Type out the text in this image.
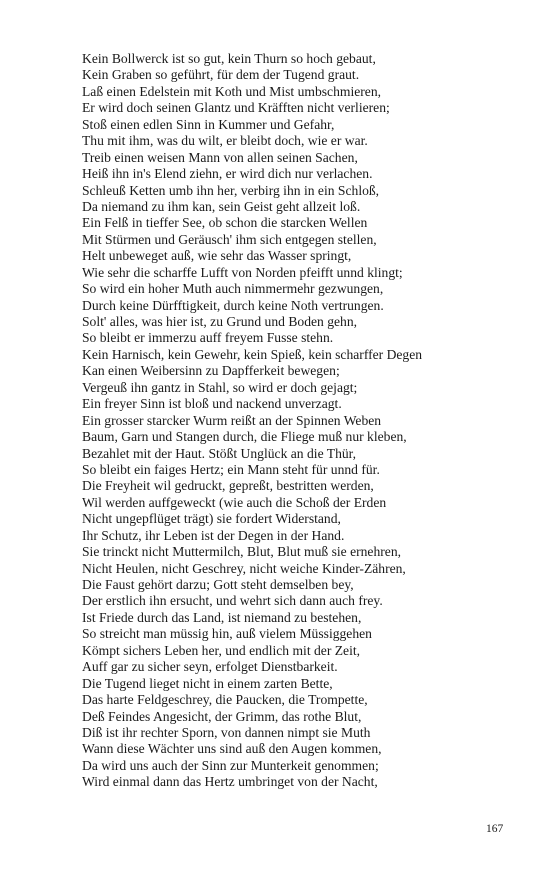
Kein Bollwerck ist so gut, kein Thurn so hoch gebaut,
Kein Graben so geführt, für dem der Tugend graut.
Laß einen Edelstein mit Koth und Mist umbschmieren,
Er wird doch seinen Glantz und Kräfften nicht verlieren;
Stoß einen edlen Sinn in Kummer und Gefahr,
Thu mit ihm, was du wilt, er bleibt doch, wie er war.
Treib einen weisen Mann von allen seinen Sachen,
Heiß ihn in's Elend ziehn, er wird dich nur verlachen.
Schleuß Ketten umb ihn her, verbirg ihn in ein Schloß,
Da niemand zu ihm kan, sein Geist geht allzeit loß.
Ein Felß in tieffer See, ob schon die starcken Wellen
Mit Stürmen und Geräusch' ihm sich entgegen stellen,
Helt unbeweget auß, wie sehr das Wasser springt,
Wie sehr die scharffe Lufft von Norden pfeifft unnd klingt;
So wird ein hoher Muth auch nimmermehr gezwungen,
Durch keine Dürfftigkeit, durch keine Noth vertrungen.
Solt' alles, was hier ist, zu Grund und Boden gehn,
So bleibt er immerzu auff freyem Fusse stehn.
Kein Harnisch, kein Gewehr, kein Spieß, kein scharffer Degen
Kan einen Weibersinn zu Dapfferkeit bewegen;
Vergeuß ihn gantz in Stahl, so wird er doch gejagt;
Ein freyer Sinn ist bloß und nackend unverzagt.
Ein grosser starcker Wurm reißt an der Spinnen Weben
Baum, Garn und Stangen durch, die Fliege muß nur kleben,
Bezahlet mit der Haut. Stößt Unglück an die Thür,
So bleibt ein faiges Hertz; ein Mann steht für unnd für.
Die Freyheit wil gedruckt, gepreßt, bestritten werden,
Wil werden auffgeweckt (wie auch die Schoß der Erden
Nicht ungepflüget trägt) sie fordert Widerstand,
Ihr Schutz, ihr Leben ist der Degen in der Hand.
Sie trinckt nicht Muttermilch, Blut, Blut muß sie ernehren,
Nicht Heulen, nicht Geschrey, nicht weiche Kinder-Zähren,
Die Faust gehört darzu; Gott steht demselben bey,
Der erstlich ihn ersucht, und wehrt sich dann auch frey.
Ist Friede durch das Land, ist niemand zu bestehen,
So streicht man müssig hin, auß vielem Müssiggehen
Kömpt sichers Leben her, und endlich mit der Zeit,
Auff gar zu sicher seyn, erfolget Dienstbarkeit.
Die Tugend lieget nicht in einem zarten Bette,
Das harte Feldgeschrey, die Paucken, die Trompette,
Deß Feindes Angesicht, der Grimm, das rothe Blut,
Diß ist ihr rechter Sporn, von dannen nimpt sie Muth
Wann diese Wächter uns sind auß den Augen kommen,
Da wird uns auch der Sinn zur Munterkeit genommen;
Wird einmal dann das Hertz umbringet von der Nacht,
167
